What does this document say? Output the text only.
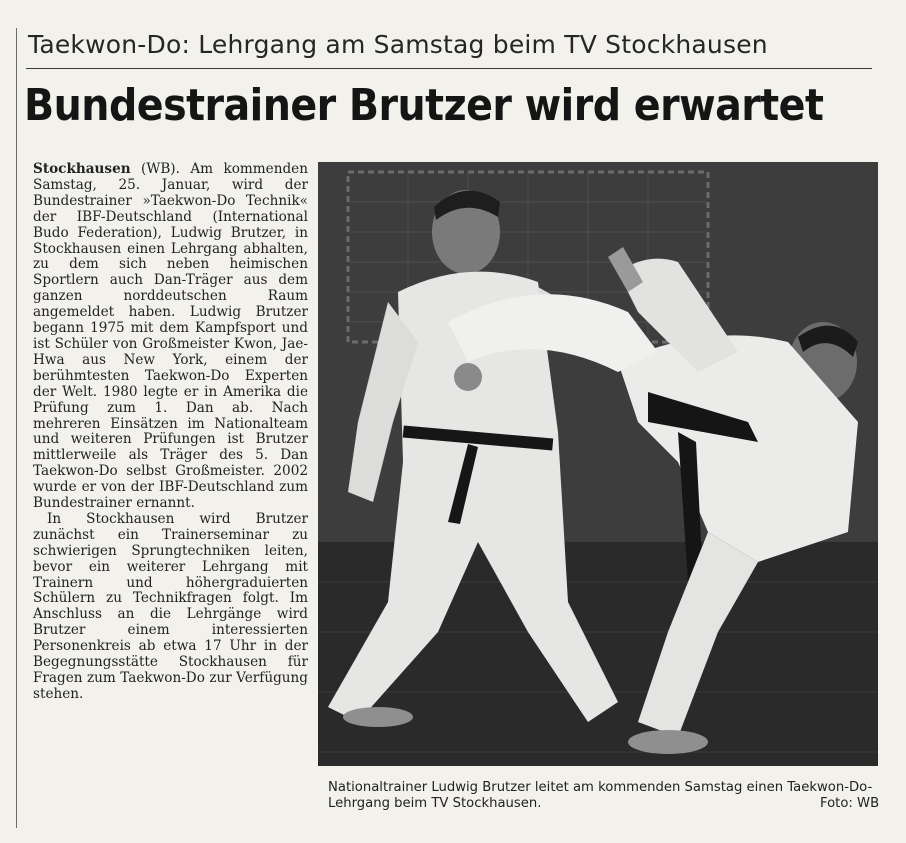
Taekwon-Do: Lehrgang am Samstag beim TV Stockhausen
Bundestrainer Brutzer wird erwartet

Stockhausen (WB). Am kommenden Samstag, 25. Januar, wird der Bundestrainer »Taekwon-Do Technik« der IBF-Deutschland (International Budo Federation), Ludwig Brutzer, in Stockhausen einen Lehrgang abhalten, zu dem sich neben heimischen Sportlern auch Dan-Träger aus dem ganzen norddeutschen Raum angemeldet haben. Ludwig Brutzer begann 1975 mit dem Kampfsport und ist Schüler von Großmeister Kwon, Jae-Hwa aus New York, einem der berühmtesten Taekwon-Do Experten der Welt. 1980 legte er in Amerika die Prüfung zum 1. Dan ab. Nach mehreren Einsätzen im Nationalteam und weiteren Prüfungen ist Brutzer mittlerweile als Träger des 5. Dan Taekwon-Do selbst Großmeister. 2002 wurde er von der IBF-Deutschland zum Bundestrainer ernannt.

In Stockhausen wird Brutzer zunächst ein Trainerseminar zu schwierigen Sprungtechniken leiten, bevor ein weiterer Lehrgang mit Trainern und höhergraduierten Schülern zu Technikfragen folgt. Im Anschluss an die Lehrgänge wird Brutzer einem interessierten Personenkreis ab etwa 17 Uhr in der Begegnungsstätte Stockhausen für Fragen zum Taekwon-Do zur Verfügung stehen.

Nationaltrainer Ludwig Brutzer leitet am kommenden Samstag einen Taekwon-Do-Lehrgang beim TV Stockhausen.	Foto: WB
